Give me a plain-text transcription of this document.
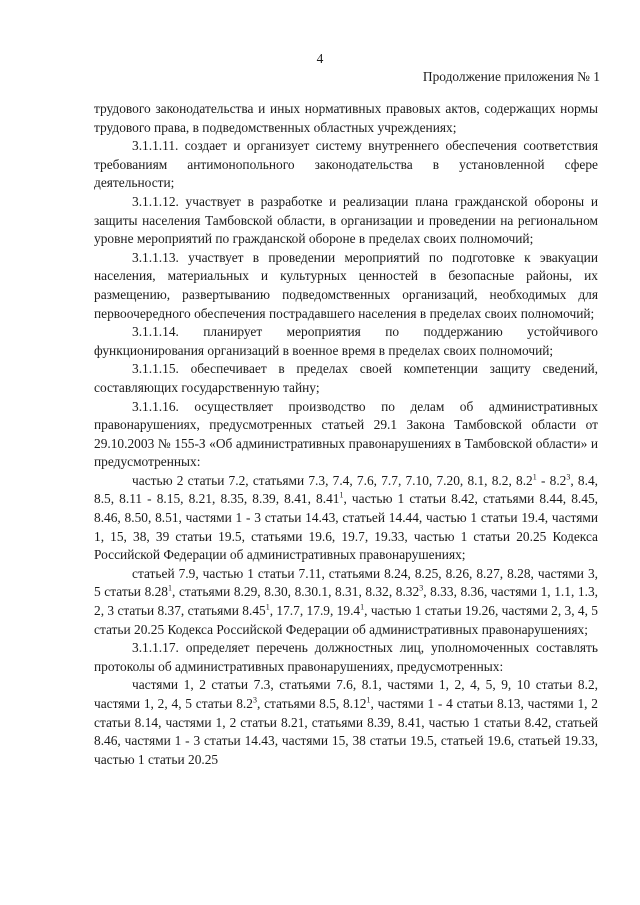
4
Продолжение приложения № 1

трудового законодательства и иных нормативных правовых актов, содержащих нормы трудового права, в подведомственных областных учреждениях;

3.1.1.11. создает и организует систему внутреннего обеспечения соответствия требованиям антимонопольного законодательства в установленной сфере деятельности;

3.1.1.12. участвует в разработке и реализации плана гражданской обороны и защиты населения Тамбовской области, в организации и проведении на региональном уровне мероприятий по гражданской обороне в пределах своих полномочий;

3.1.1.13. участвует в проведении мероприятий по подготовке к эвакуации населения, материальных и культурных ценностей в безопасные районы, их размещению, развертыванию подведомственных организаций, необходимых для первоочередного обеспечения пострадавшего населения в пределах своих полномочий;

3.1.1.14. планирует мероприятия по поддержанию устойчивого функционирования организаций в военное время в пределах своих полномочий;

3.1.1.15. обеспечивает в пределах своей компетенции защиту сведений, составляющих государственную тайну;

3.1.1.16. осуществляет производство по делам об административных правонарушениях, предусмотренных статьей 29.1 Закона Тамбовской области от 29.10.2003 № 155-З «Об административных правонарушениях в Тамбовской области» и предусмотренных:

частью 2 статьи 7.2, статьями 7.3, 7.4, 7.6, 7.7, 7.10, 7.20, 8.1, 8.2, $8.2^1 - 8.2^3$, 8.4, 8.5, 8.11 - 8.15, 8.21, 8.35, 8.39, 8.41, 8.41$^1$, частью 1 статьи 8.42, статьями 8.44, 8.45, 8.46, 8.50, 8.51, частями 1 - 3 статьи 14.43, статьей 14.44, частью 1 статьи 19.4, частями 1, 15, 38, 39 статьи 19.5, статьями 19.6, 19.7, 19.33, частью 1 статьи 20.25 Кодекса Российской Федерации об административных правонарушениях;

статьей 7.9, частью 1 статьи 7.11, статьями 8.24, 8.25, 8.26, 8.27, 8.28, частями 3, 5 статьи 8.28$^1$, статьями 8.29, 8.30, 8.30.1, 8.31, 8.32, 8.32$^3$, 8.33, 8.36, частями 1, 1.1, 1.3, 2, 3 статьи 8.37, статьями 8.45$^1$, 17.7, 17.9, 19.4$^1$, частью 1 статьи 19.26, частями 2, 3, 4, 5 статьи 20.25 Кодекса Российской Федерации об административных правонарушениях;

3.1.1.17. определяет перечень должностных лиц, уполномоченных составлять протоколы об административных правонарушениях, предусмотренных:

частями 1, 2 статьи 7.3, статьями 7.6, 8.1, частями 1, 2, 4, 5, 9, 10 статьи 8.2, частями 1, 2, 4, 5 статьи $8.2^3$, статьями 8.5, 8.12$^1$, частями 1 - 4 статьи 8.13, частями 1, 2 статьи 8.14, частями 1, 2 статьи 8.21, статьями 8.39, 8.41, частью 1 статьи 8.42, статьей 8.46, частями 1 - 3 статьи 14.43, частями 15, 38 статьи 19.5, статьей 19.6, статьей 19.33, частью 1 статьи 20.25
